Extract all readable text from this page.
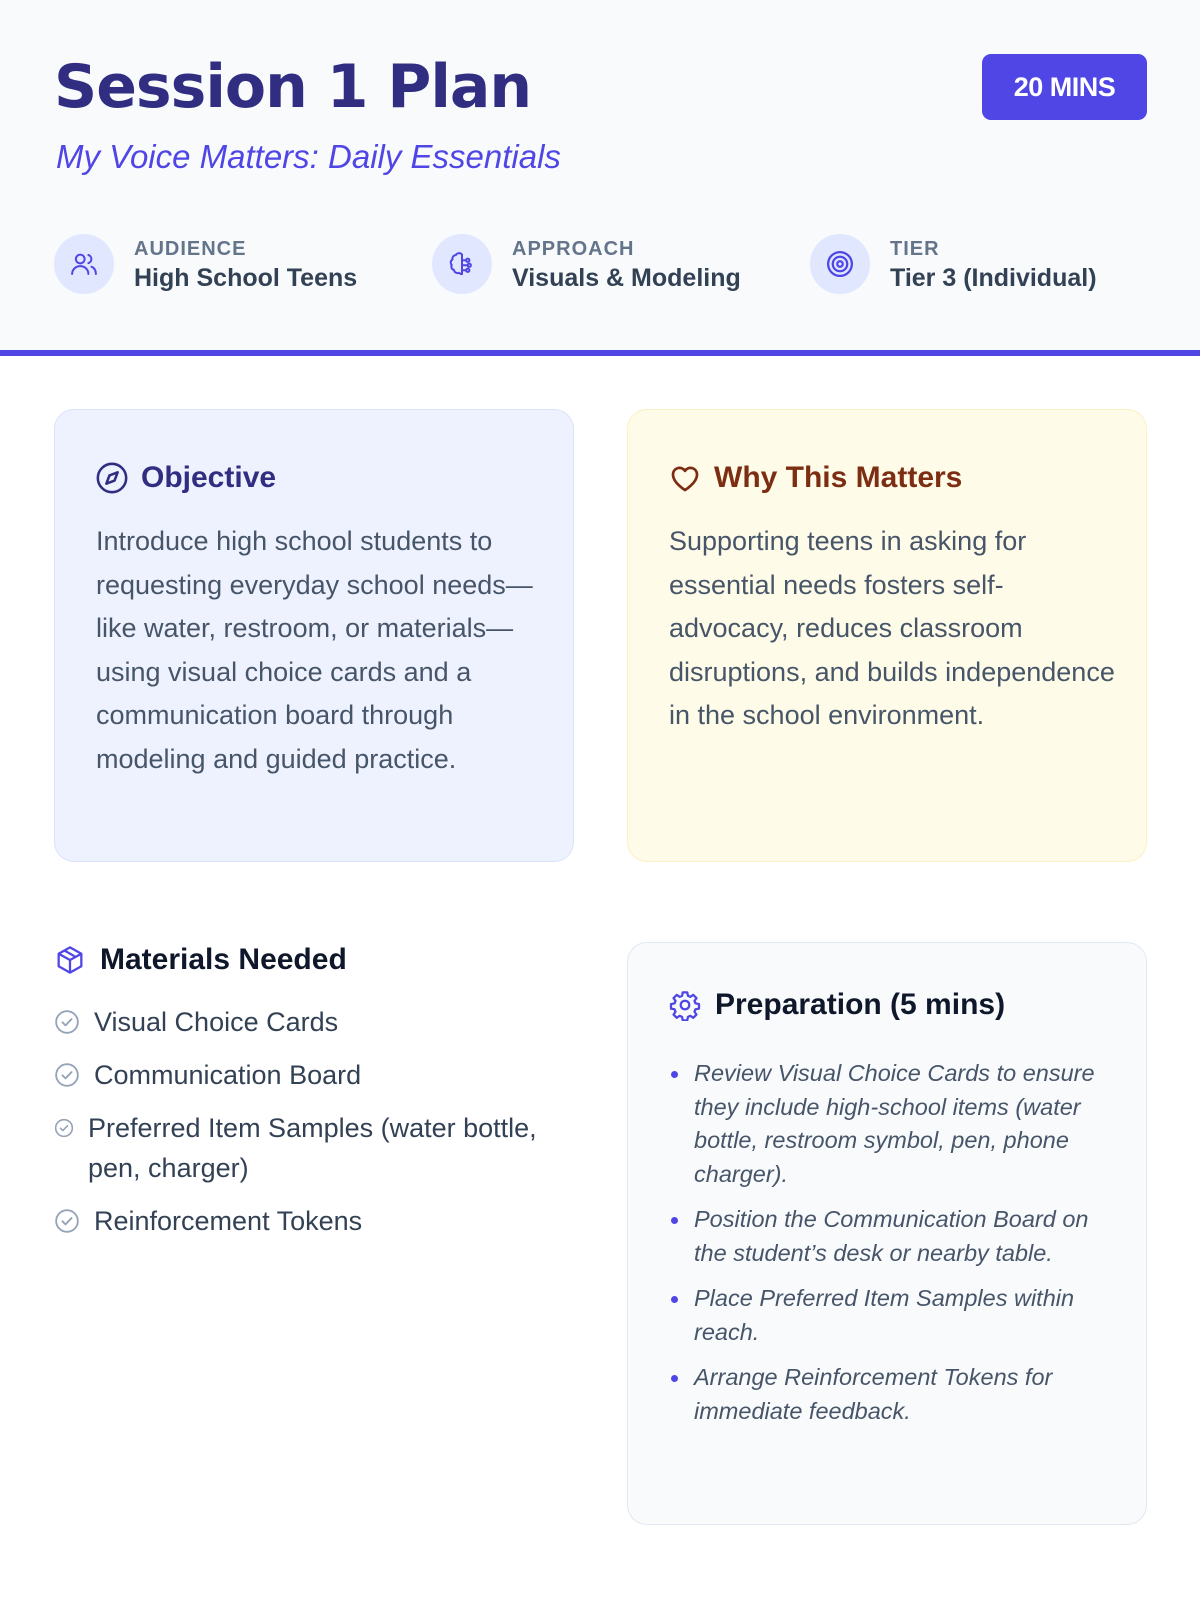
Session 1 Plan
My Voice Matters: Daily Essentials
20 MINS
AUDIENCE
High School Teens
APPROACH
Visuals & Modeling
TIER
Tier 3 (Individual)
Objective
Introduce high school students to requesting everyday school needs—like water, restroom, or materials—using visual choice cards and a communication board through modeling and guided practice.
Why This Matters
Supporting teens in asking for essential needs fosters self-advocacy, reduces classroom disruptions, and builds independence in the school environment.
Materials Needed
Visual Choice Cards
Communication Board
Preferred Item Samples (water bottle, pen, charger)
Reinforcement Tokens
Preparation (5 mins)
Review Visual Choice Cards to ensure they include high-school items (water bottle, restroom symbol, pen, phone charger).
Position the Communication Board on the student’s desk or nearby table.
Place Preferred Item Samples within reach.
Arrange Reinforcement Tokens for immediate feedback.
